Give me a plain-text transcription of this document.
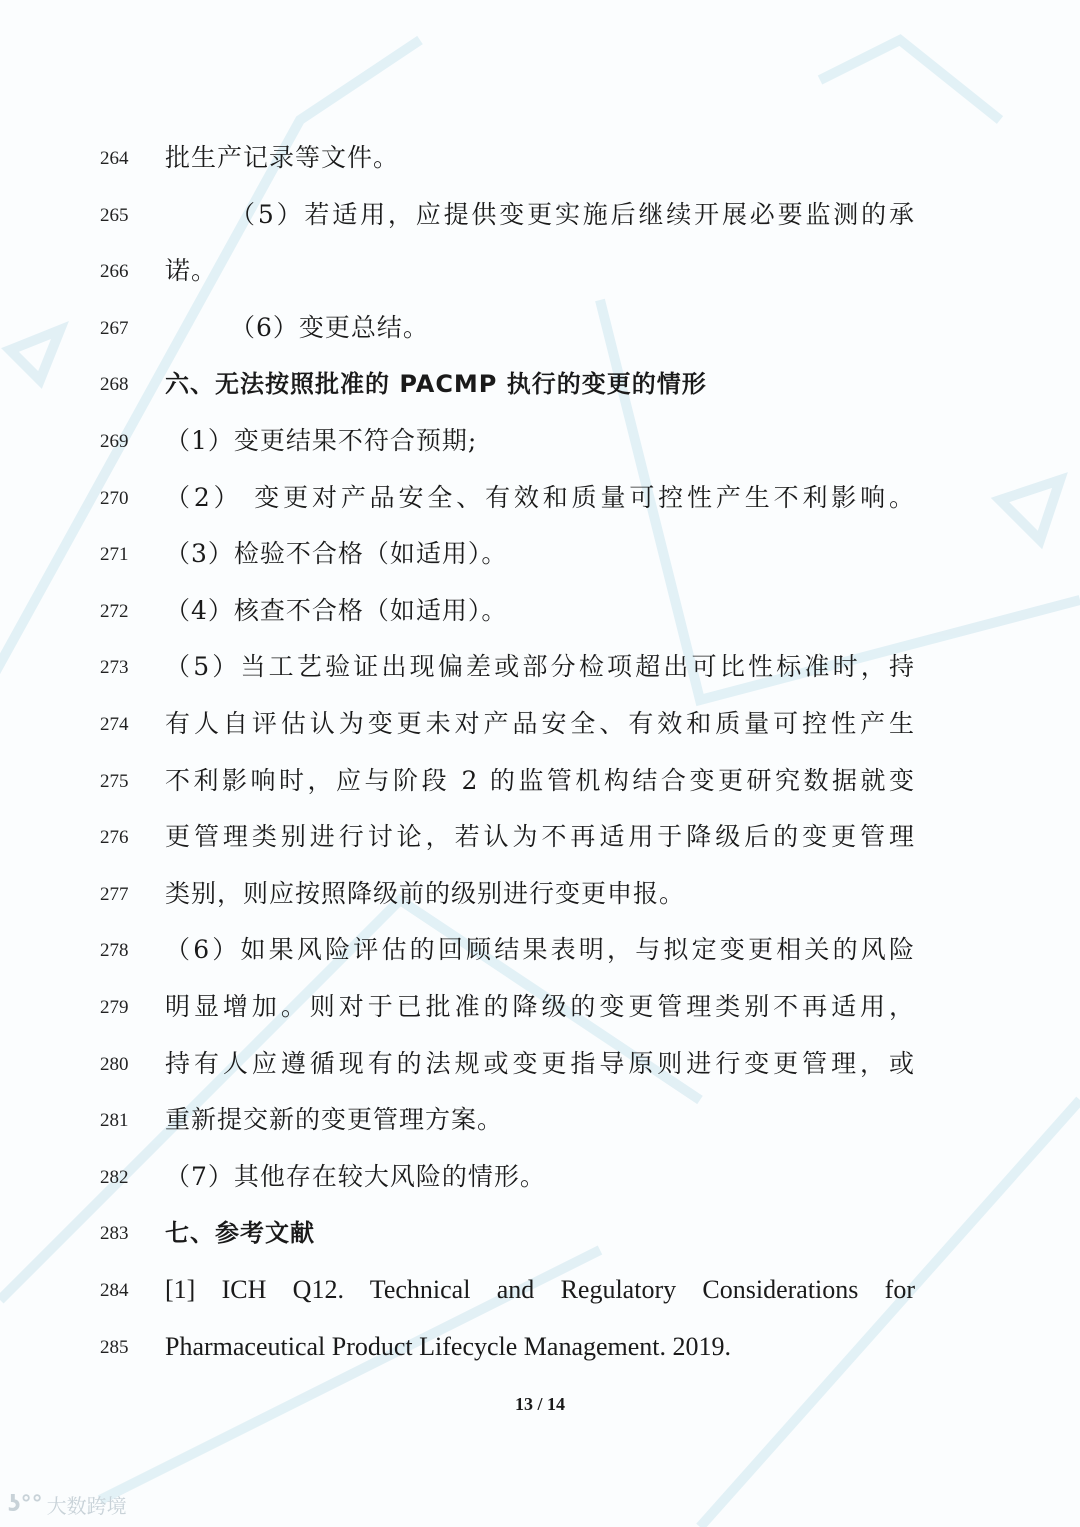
264	批生产记录等文件。
265	（5）若适用，应提供变更实施后继续开展必要监测的承
266	诺。
267	（6）变更总结。
268	六、无法按照批准的 PACMP 执行的变更的情形
269	（1）变更结果不符合预期;
270	（2） 变更对产品安全、有效和质量可控性产生不利影响。
271	（3）检验不合格（如适用）。
272	（4）核查不合格（如适用）。
273	（5）当工艺验证出现偏差或部分检项超出可比性标准时，持
274	有人自评估认为变更未对产品安全、有效和质量可控性产生
275	不利影响时，应与阶段 2 的监管机构结合变更研究数据就变
276	更管理类别进行讨论，若认为不再适用于降级后的变更管理
277	类别，则应按照降级前的级别进行变更申报。
278	（6）如果风险评估的回顾结果表明，与拟定变更相关的风险
279	明显增加。则对于已批准的降级的变更管理类别不再适用，
280	持有人应遵循现有的法规或变更指导原则进行变更管理，或
281	重新提交新的变更管理方案。
282	（7）其他存在较大风险的情形。
283	七、参考文献
284 [1] ICH Q12. Technical and Regulatory Considerations for
285 Pharmaceutical Product Lifecycle Management. 2019.
13 / 14
ʖ°° 大数跨境
